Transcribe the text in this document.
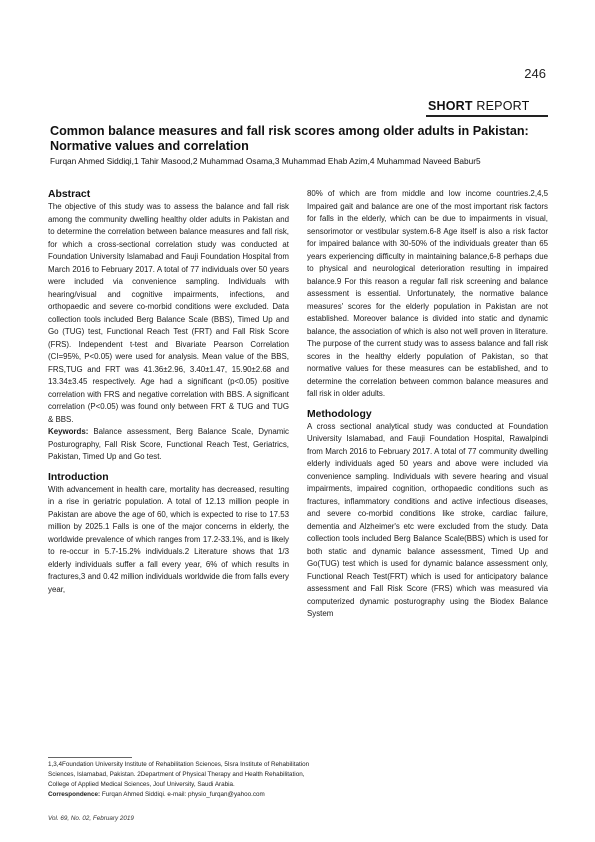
246
SHORT REPORT
Common balance measures and fall risk scores among older adults in Pakistan: Normative values and correlation
Furqan Ahmed Siddiqi,1 Tahir Masood,2 Muhammad Osama,3 Muhammad Ehab Azim,4 Muhammad Naveed Babur5
Abstract

The objective of this study was to assess the balance and fall risk among the community dwelling healthy older adults in Pakistan and to determine the correlation between balance measures and fall risk, for which a cross-sectional correlation study was conducted at Foundation University Islamabad and Fauji Foundation Hospital from March 2016 to February 2017. A total of 77 individuals over 50 years were included via convenience sampling. Individuals with hearing/visual and cognitive impairments, infections, and orthopaedic and severe co-morbid conditions were excluded. Data collection tools included Berg Balance Scale (BBS), Timed Up and Go (TUG) test, Functional Reach Test (FRT) and Fall Risk Score (FRS). Independent t-test and Bivariate Pearson Correlation (CI=95%, P<0.05) were used for analysis. Mean value of the BBS, FRS,TUG and FRT was 41.36±2.96, 3.40±1.47, 15.90±2.68 and 13.34±3.45 respectively. Age had a significant (p<0.05) positive correlation with FRS and negative correlation with BBS. A significant correlation (P<0.05) was found only between FRT & TUG and TUG & BBS.

Keywords: Balance assessment, Berg Balance Scale, Dynamic Posturography, Fall Risk Score, Functional Reach Test, Geriatrics, Pakistan, Timed Up and Go test.

Introduction

With advancement in health care, mortality has decreased, resulting in a rise in geriatric population. A total of 12.13 million people in Pakistan are above the age of 60, which is expected to rise to 17.53 million by 2025.1 Falls is one of the major concerns in elderly, the worldwide prevalence of which ranges from 17.2-33.1%, and is likely to re-occur in 5.7-15.2% individuals.2 Literature shows that 1/3 elderly individuals suffer a fall every year, 6% of which results in fractures,3 and 0.42 million individuals worldwide die from falls every year,

80% of which are from middle and low income countries.2,4,5 Impaired gait and balance are one of the most important risk factors for falls in the elderly, which can be due to impairments in visual, sensorimotor or vestibular system.6-8 Age itself is also a risk factor for impaired balance with 30-50% of the individuals greater than 65 years experiencing difficulty in maintaining balance,6-8 perhaps due to physical and neurological deterioration resulting in impaired balance.9 For this reason a regular fall risk screening and balance assessment is essential. Unfortunately, the normative balance measures' scores for the elderly population in Pakistan are not established. Moreover balance is divided into static and dynamic balance, the association of which is also not well proven in literature. The purpose of the current study was to assess balance and fall risk scores in the healthy elderly population of Pakistan, so that normative values for these measures can be established, and to determine the correlation between common balance measures and fall risk in older adults.

Methodology

A cross sectional analytical study was conducted at Foundation University Islamabad, and Fauji Foundation Hospital, Rawalpindi from March 2016 to February 2017. A total of 77 community dwelling elderly individuals aged 50 years and above were included via convenience sampling. Individuals with severe hearing and visual impairments, impaired cognition, orthopaedic conditions such as fractures, inflammatory conditions and active infectious diseases, and severe co-morbid conditions like stroke, cardiac failure, dementia and Alzheimer's etc were excluded from the study. Data collection tools included Berg Balance Scale(BBS) which is used for both static and dynamic balance assessment, Timed Up and Go(TUG) test which is used for dynamic balance assessment only, Functional Reach Test(FRT) which is used for anticipatory balance assessment and Fall Risk Score (FRS) which was measured via computerized dynamic posturography using the Biodex Balance System

1,3,4Foundation University Institute of Rehabilitation Sciences, 5Isra Institute of Rehabilitation Sciences, Islamabad, Pakistan. 2Department of Physical Therapy and Health Rehabilitation, College of Applied Medical Sciences, Jouf University, Saudi Arabia.
Correspondence: Furqan Ahmed Siddiqi. e-mail: physio_furqan@yahoo.com
Vol. 69, No. 02, February 2019
